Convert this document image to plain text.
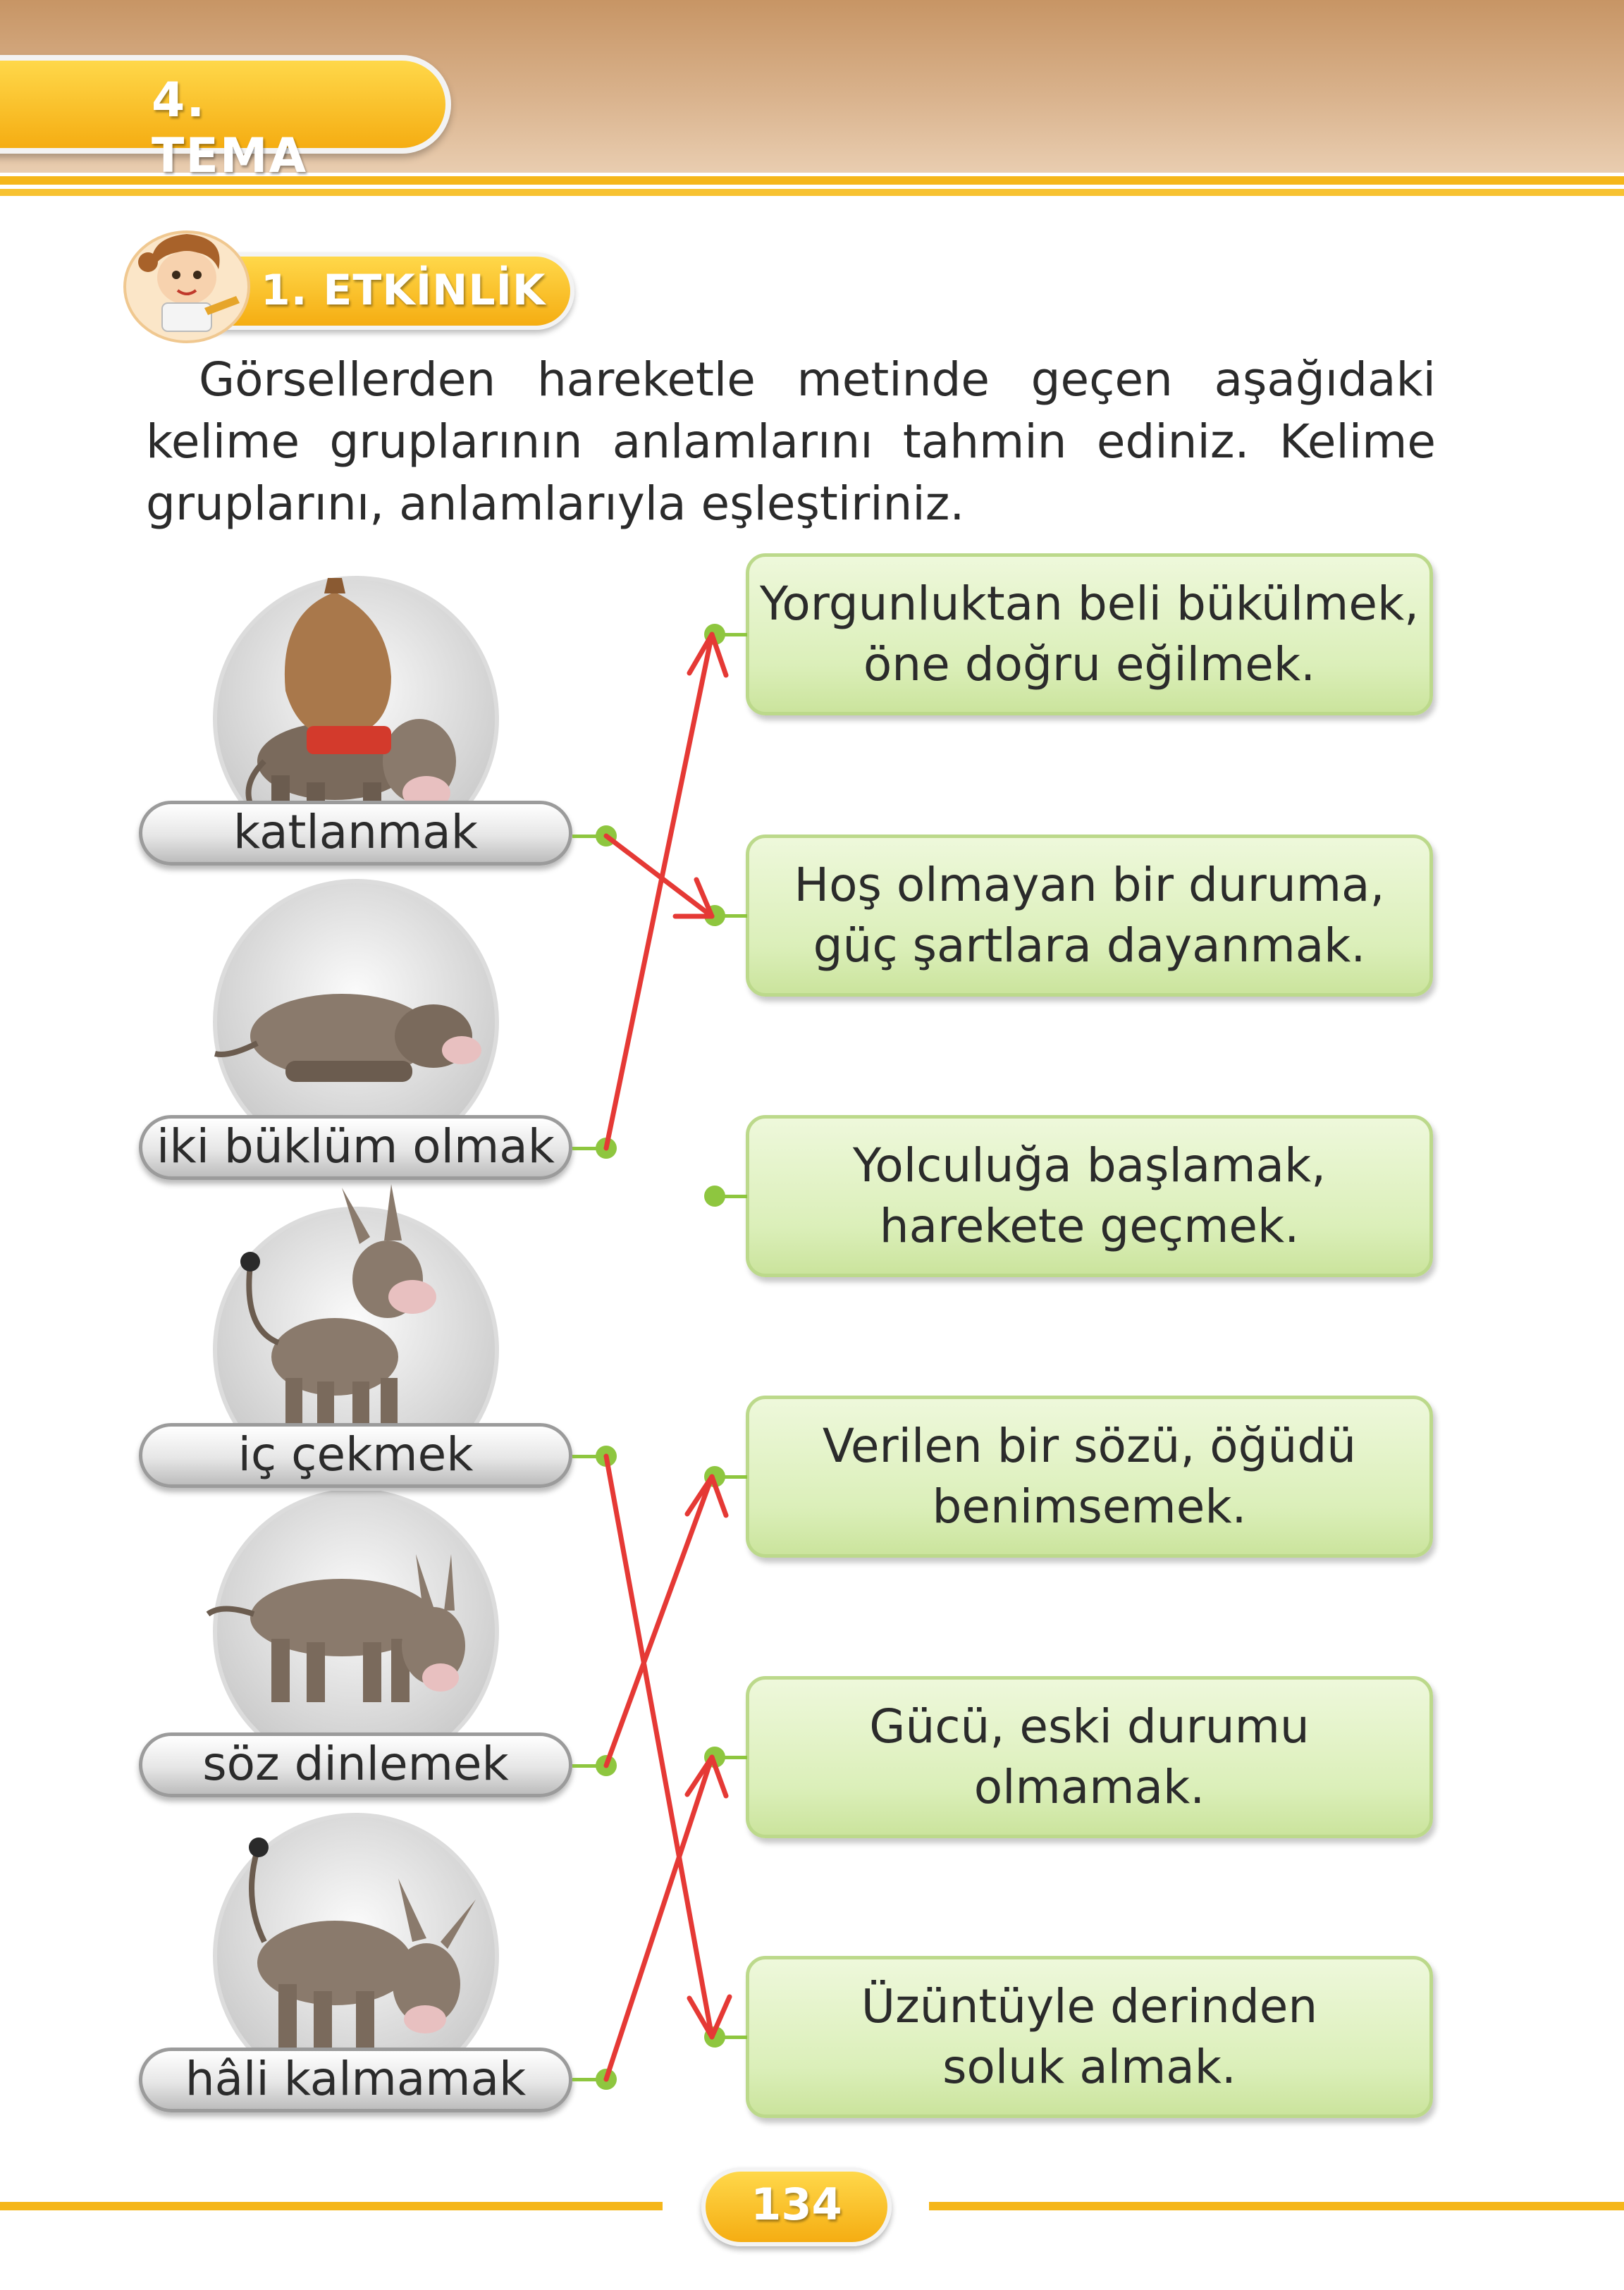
4. TEMA
1. ETKİNLİK

Görsellerden hareketle metinde geçen aşağıdaki kelime gruplarının anlamlarını tahmin ediniz. Kelime gruplarını, anlamlarıyla eşleştiriniz.

katlanmak
iki büklüm olmak
iç çekmek
söz dinlemek
hâli kalmamak
Yorgunluktan beli bükülmek,
öne doğru eğilmek.
Hoş olmayan bir duruma,
güç şartlara dayanmak.
Yolculuğa başlamak,
harekete geçmek.
Verilen bir sözü, öğüdü
benimsemek.
Gücü, eski durumu
olmamak.
Üzüntüyle derinden
soluk almak.
134
